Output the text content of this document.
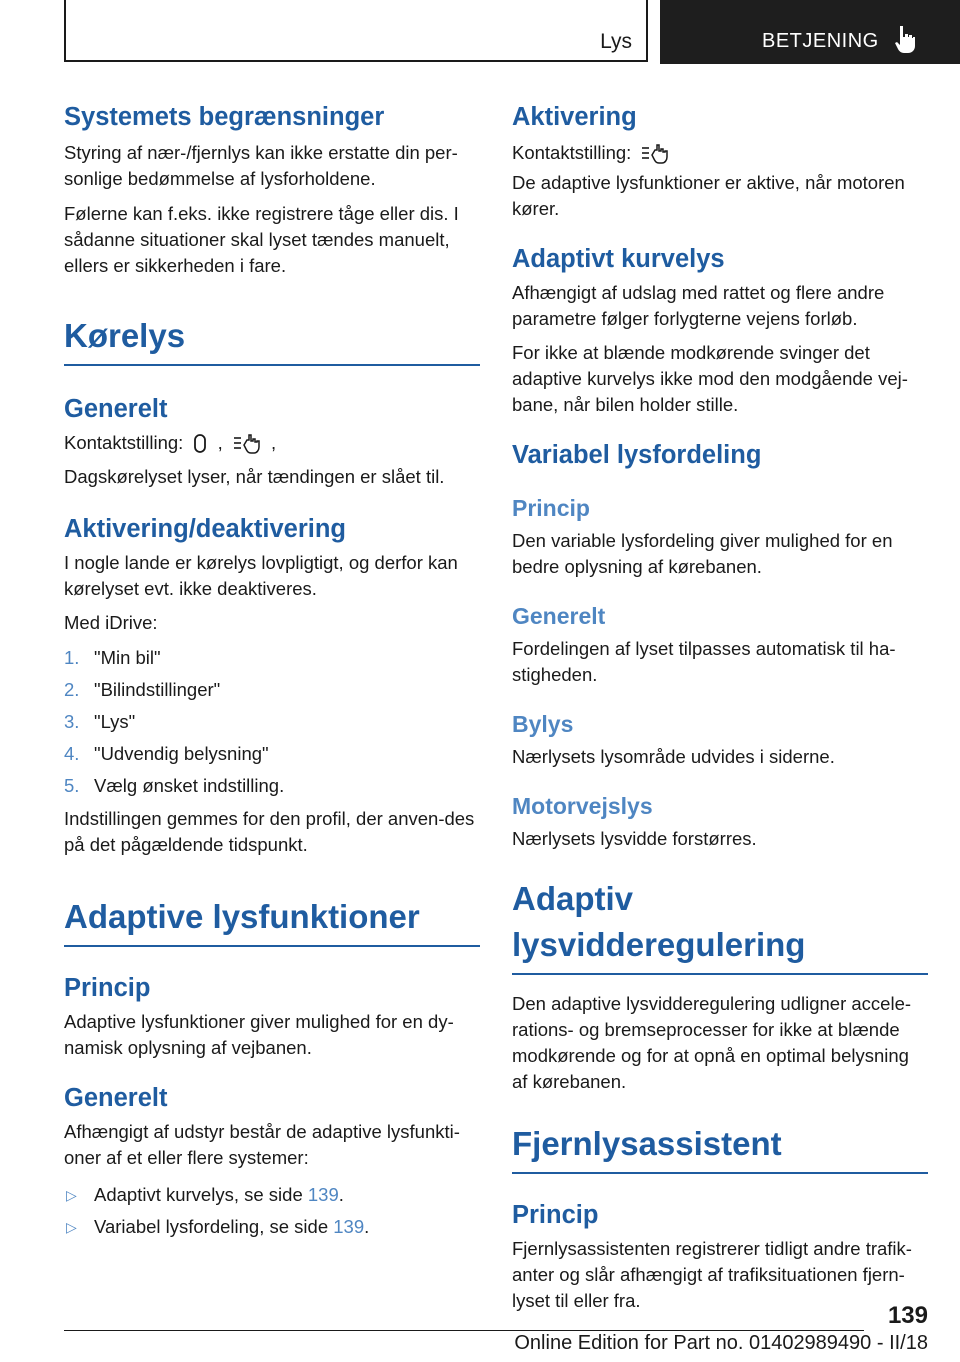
Lys	BETJENING
Systemets begrænsninger

Styring af nær-/fjernlys kan ikke erstatte din per-sonlige bedømmelse af lysforholdene.

Følerne kan f.eks. ikke registrere tåge eller dis. I sådanne situationer skal lyset tændes manuelt, ellers er sikkerheden i fare.

Kørelys
Generelt

Kontaktstilling: ,	,

Dagskørelyset lyser, når tændingen er slået til.

Aktivering/deaktivering

I nogle lande er kørelys lovpligtigt, og derfor kan kørelyset evt. ikke deaktiveres.

Med iDrive:

1. "Min bil"
2. "Bilindstillinger"
3. "Lys"
4. "Udvendig belysning"
5. Vælg ønsket indstilling.

Indstillingen gemmes for den profil, der anven-des på det pågældende tidspunkt.

Adaptive lysfunktioner
Princip

Adaptive lysfunktioner giver mulighed for en dy-namisk oplysning af vejbanen.

Generelt

Afhængigt af udstyr består de adaptive lysfunkti-oner af et eller flere systemer:

▷ Adaptivt kurvelys, se side 139.
▷ Variabel lysfordeling, se side 139.
Aktivering

Kontaktstilling:

De adaptive lysfunktioner er aktive, når motoren kører.

Adaptivt kurvelys

Afhængigt af udslag med rattet og flere andre parametre følger forlygterne vejens forløb.

For ikke at blænde modkørende svinger det adaptive kurvelys ikke mod den modgående vej-bane, når bilen holder stille.

Variabel lysfordeling
Princip

Den variable lysfordeling giver mulighed for en bedre oplysning af kørebanen.

Generelt

Fordelingen af lyset tilpasses automatisk til ha-stigheden.

Bylys

Nærlysets lysområde udvides i siderne.

Motorvejslys

Nærlysets lysvidde forstørres.

Adaptiv lysvidderegulering

Den adaptive lysvidderegulering udligner accele-rations- og bremseprocesser for ikke at blænde modkørende og for at opnå en optimal belysning af kørebanen.

Fjernlysassistent
Princip

Fjernlysassistenten registrerer tidligt andre trafik-anter og slår afhængigt af trafiksituationen fjern-lyset til eller fra.

139
Online Edition for Part no. 01402989490 - II/18
